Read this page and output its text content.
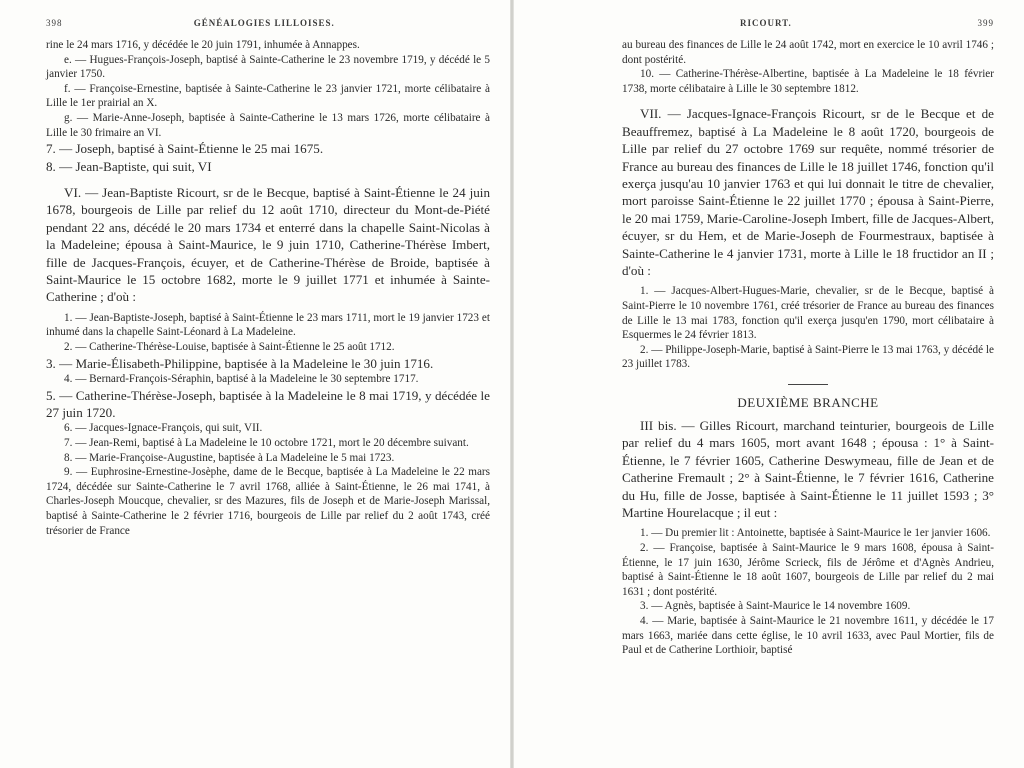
398	GÉNÉALOGIES LILLOISES.

rine le 24 mars 1716, y décédée le 20 juin 1791, inhumée à Annappes.

e. — Hugues-François-Joseph, baptisé à Sainte-Catherine le 23 novembre 1719, y décédé le 5 janvier 1750.

f. — Françoise-Ernestine, baptisée à Sainte-Catherine le 23 janvier 1721, morte célibataire à Lille le 1er prairial an X.

g. — Marie-Anne-Joseph, baptisée à Sainte-Catherine le 13 mars 1726, morte célibataire à Lille le 30 frimaire an VI.

7. — Joseph, baptisé à Saint-Étienne le 25 mai 1675.

8. — Jean-Baptiste, qui suit, VI

VI. — Jean-Baptiste Ricourt, sr de le Becque, baptisé à Saint-Étienne le 24 juin 1678, bourgeois de Lille par relief du 12 août 1710, directeur du Mont-de-Piété pendant 22 ans, décédé le 20 mars 1734 et enterré dans la chapelle Saint-Nicolas à la Madeleine; épousa à Saint-Maurice, le 9 juin 1710, Catherine-Thérèse Imbert, fille de Jacques-François, écuyer, et de Catherine-Thérèse de Broide, baptisée à Saint-Maurice le 15 octobre 1682, morte le 9 juillet 1771 et inhumée à Sainte-Catherine ; d'où :

1. — Jean-Baptiste-Joseph, baptisé à Saint-Étienne le 23 mars 1711, mort le 19 janvier 1723 et inhumé dans la chapelle Saint-Léonard à La Madeleine.

2. — Catherine-Thérèse-Louise, baptisée à Saint-Étienne le 25 août 1712.

3. — Marie-Élisabeth-Philippine, baptisée à la Madeleine le 30 juin 1716.

4. — Bernard-François-Séraphin, baptisé à la Madeleine le 30 septembre 1717.

5. — Catherine-Thérèse-Joseph, baptisée à la Madeleine le 8 mai 1719, y décédée le 27 juin 1720.

6. — Jacques-Ignace-François, qui suit, VII.

7. — Jean-Remi, baptisé à La Madeleine le 10 octobre 1721, mort le 20 décembre suivant.

8. — Marie-Françoise-Augustine, baptisée à La Madeleine le 5 mai 1723.

9. — Euphrosine-Ernestine-Josèphe, dame de le Becque, baptisée à La Madeleine le 22 mars 1724, décédée sur Sainte-Catherine le 7 avril 1768, alliée à Saint-Étienne, le 26 mai 1741, à Charles-Joseph Moucque, chevalier, sr des Mazures, fils de Joseph et de Marie-Joseph Marissal, baptisé à Sainte-Catherine le 2 février 1716, bourgeois de Lille par relief du 2 août 1743, créé trésorier de France

RICOURT.	399

au bureau des finances de Lille le 24 août 1742, mort en exercice le 10 avril 1746 ; dont postérité.

10. — Catherine-Thérèse-Albertine, baptisée à La Madeleine le 18 février 1738, morte célibataire à Lille le 30 septembre 1812.

VII. — Jacques-Ignace-François Ricourt, sr de le Becque et de Beauffremez, baptisé à La Madeleine le 8 août 1720, bourgeois de Lille par relief du 27 octobre 1769 sur requête, nommé trésorier de France au bureau des finances de Lille le 18 juillet 1746, fonction qu'il exerça jusqu'au 10 janvier 1763 et qui lui donnait le titre de chevalier, mort paroisse Saint-Étienne le 22 juillet 1770 ; épousa à Saint-Pierre, le 20 mai 1759, Marie-Caroline-Joseph Imbert, fille de Jacques-Albert, écuyer, sr du Hem, et de Marie-Joseph de Fourmestraux, baptisée à Sainte-Catherine le 4 janvier 1731, morte à Lille le 18 fructidor an II ; d'où :

1. — Jacques-Albert-Hugues-Marie, chevalier, sr de le Becque, baptisé à Saint-Pierre le 10 novembre 1761, créé trésorier de France au bureau des finances de Lille le 13 mai 1783, fonction qu'il exerça jusqu'en 1790, mort célibataire à Esquermes le 24 février 1813.

2. — Philippe-Joseph-Marie, baptisé à Saint-Pierre le 13 mai 1763, y décédé le 23 juillet 1783.

DEUXIÈME BRANCHE

III bis. — Gilles Ricourt, marchand teinturier, bourgeois de Lille par relief du 4 mars 1605, mort avant 1648 ; épousa : 1° à Saint-Étienne, le 7 février 1605, Catherine Deswymeau, fille de Jean et de Catherine Fremault ; 2° à Saint-Étienne, le 7 février 1616, Catherine du Hu, fille de Josse, baptisée à Saint-Étienne le 11 juillet 1593 ; 3° Martine Hourelacque ; il eut :

1. — Du premier lit : Antoinette, baptisée à Saint-Maurice le 1er janvier 1606.

2. — Françoise, baptisée à Saint-Maurice le 9 mars 1608, épousa à Saint-Étienne, le 17 juin 1630, Jérôme Scrieck, fils de Jérôme et d'Agnès Andrieu, baptisé à Saint-Étienne le 18 août 1607, bourgeois de Lille par relief du 2 mai 1631 ; dont postérité.

3. — Agnès, baptisée à Saint-Maurice le 14 novembre 1609.

4. — Marie, baptisée à Saint-Maurice le 21 novembre 1611, y décédée le 17 mars 1663, mariée dans cette église, le 10 avril 1633, avec Paul Mortier, fils de Paul et de Catherine Lorthioir, baptisé
